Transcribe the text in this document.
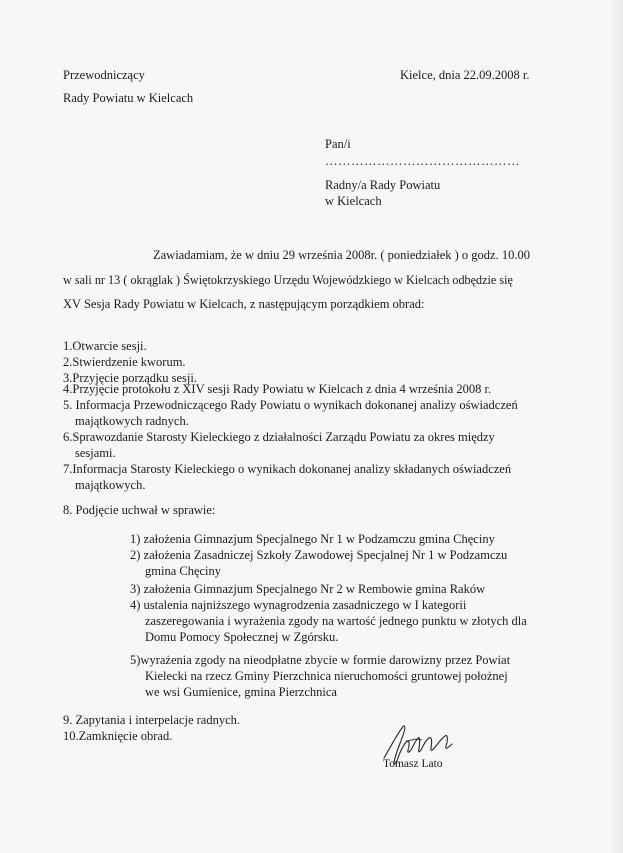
Przewodniczący
Rady Powiatu w Kielcach
Kielce, dnia 22.09.2008 r.
Pan/i
………………………………………
Radny/a Rady Powiatu
w Kielcach
Zawiadamiam, że w dniu 29 września 2008r. ( poniedziałek ) o godz. 10.00
w sali nr 13 ( okrąglak ) Świętokrzyskiego Urzędu Wojewódzkiego w Kielcach odbędzie się
XV Sesja Rady Powiatu w Kielcach, z następującym porządkiem obrad:
1.Otwarcie sesji.
2.Stwierdzenie kworum.
3.Przyjęcie porządku sesji.
4.Przyjęcie protokołu z XIV sesji Rady Powiatu w Kielcach z dnia 4 września 2008 r.
5. Informacja Przewodniczącego Rady Powiatu o wynikach dokonanej analizy oświadczeń
majątkowych radnych.
6.Sprawozdanie Starosty Kieleckiego z działalności Zarządu Powiatu za okres między
sesjami.
7.Informacja Starosty Kieleckiego o wynikach dokonanej analizy składanych oświadczeń
majątkowych.
8. Podjęcie uchwał w sprawie:
1) założenia Gimnazjum Specjalnego Nr 1 w Podzamczu gmina Chęciny
2) założenia Zasadniczej Szkoły Zawodowej Specjalnej Nr 1 w Podzamczu
gmina Chęciny
3) założenia Gimnazjum Specjalnego Nr 2 w Rembowie gmina Raków
4) ustalenia najniższego wynagrodzenia zasadniczego w I kategorii
zaszeregowania i wyrażenia zgody na wartość jednego punktu w złotych dla
Domu Pomocy Społecznej w Zgórsku.
5)wyrażenia zgody na nieodpłatne zbycie w formie darowizny przez Powiat
Kielecki na rzecz Gminy Pierzchnica nieruchomości gruntowej położnej
we wsi Gumienice, gmina Pierzchnica
9. Zapytania i interpelacje radnych.
10.Zamknięcie obrad.
Tomasz Lato
